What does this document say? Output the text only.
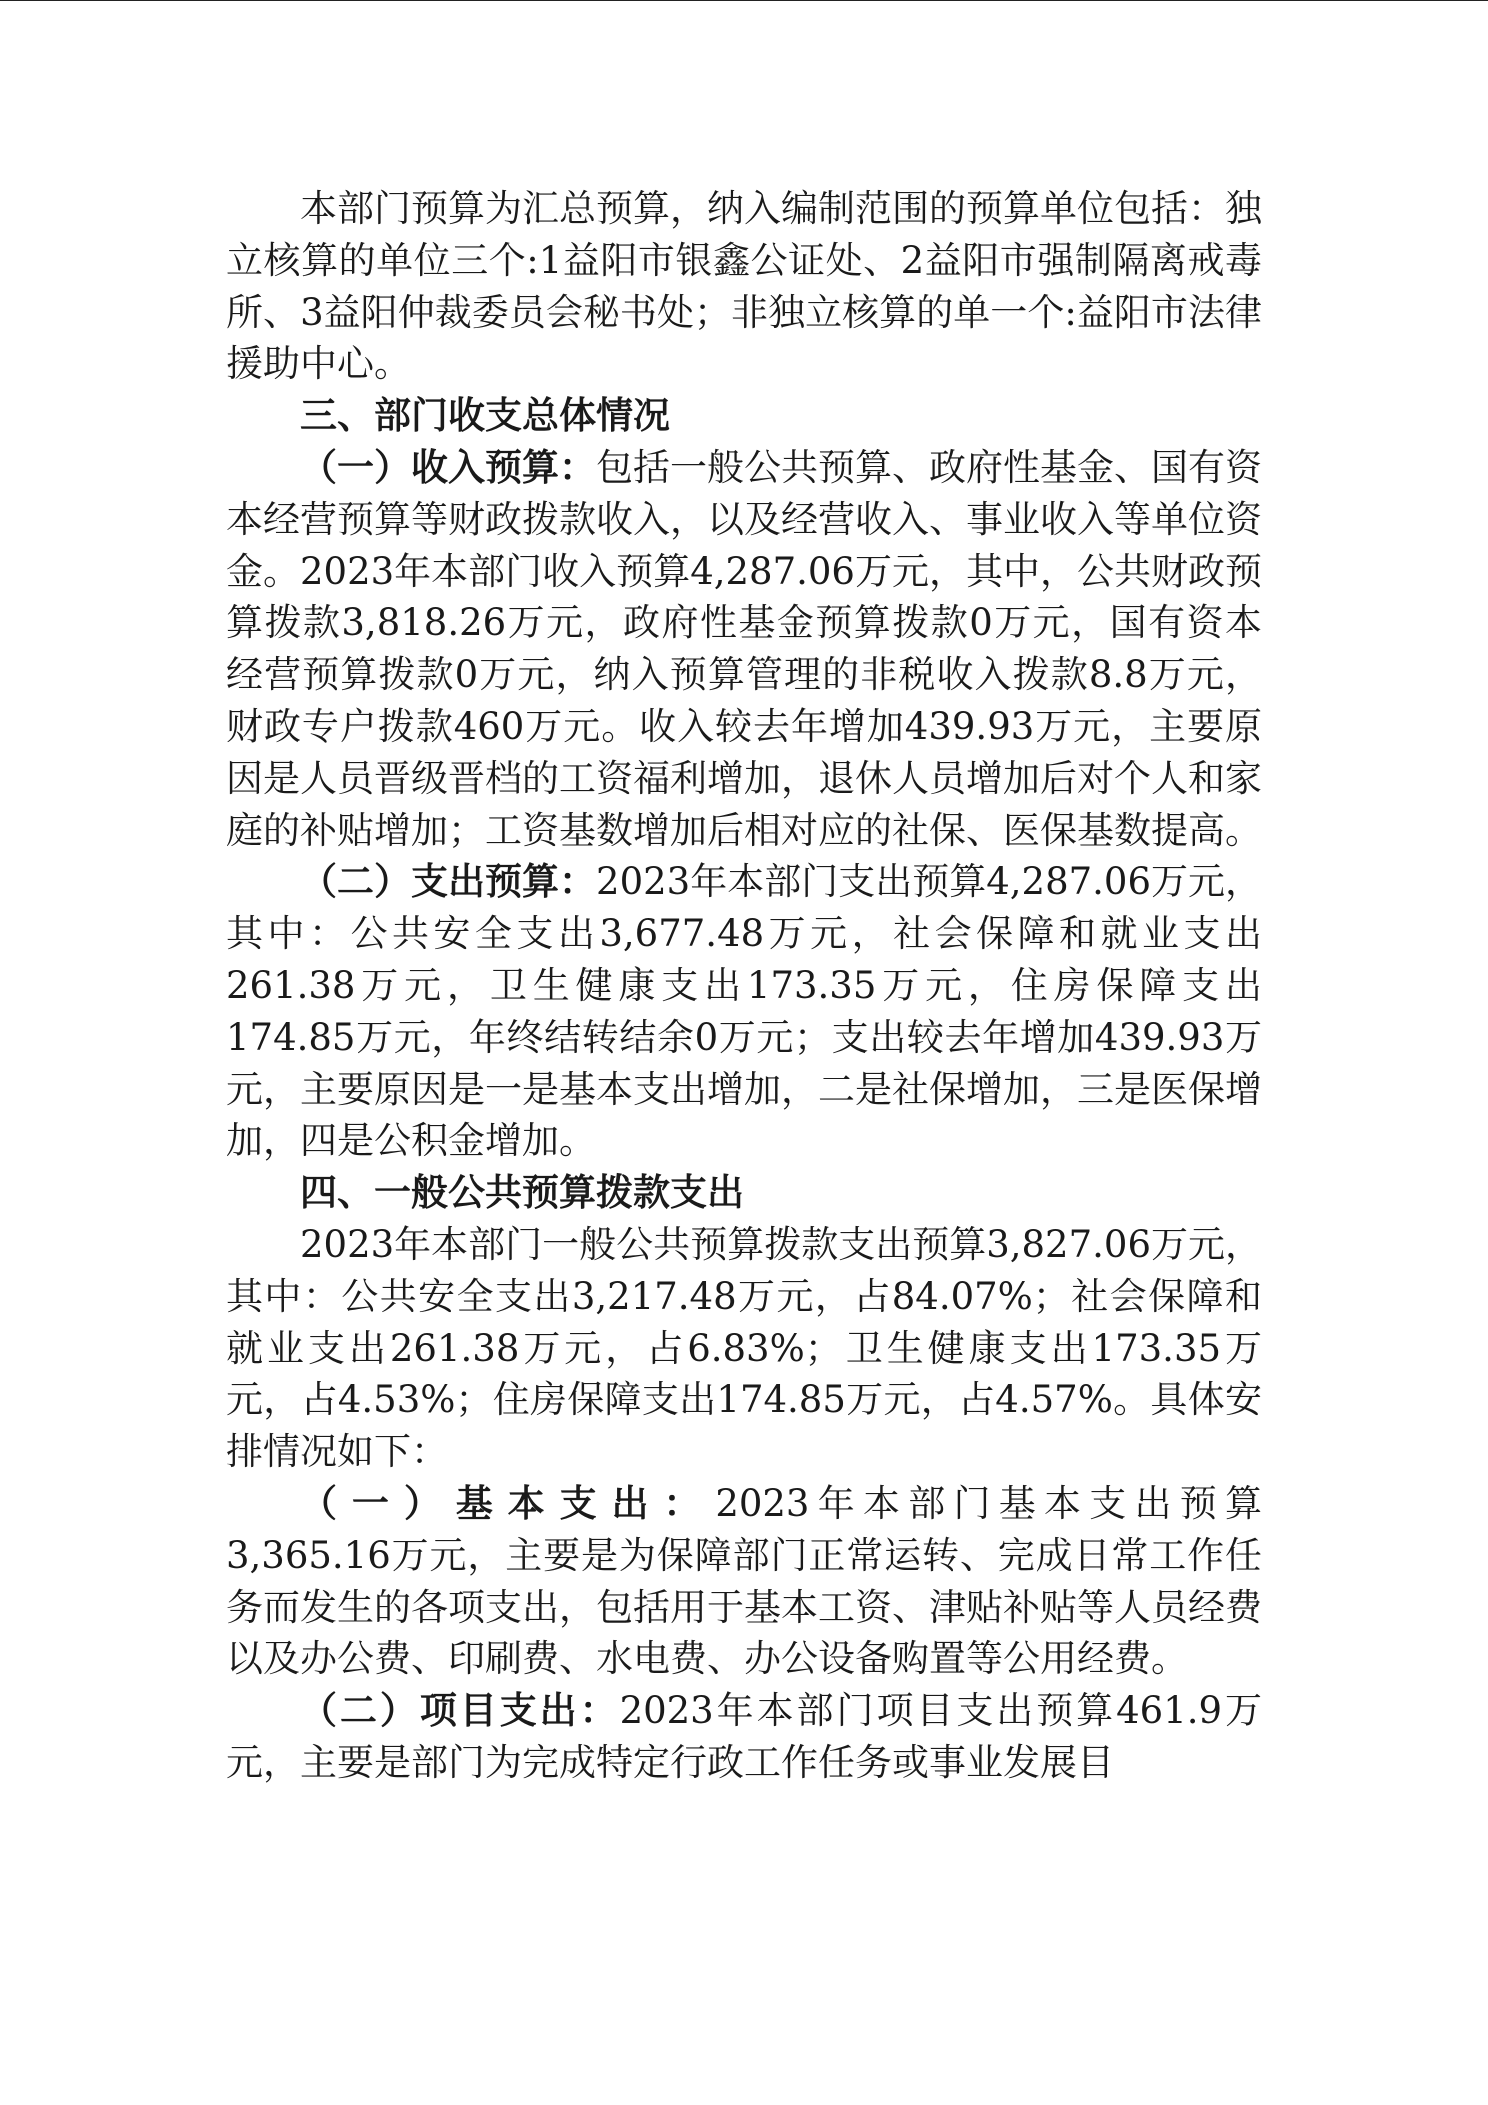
本部门预算为汇总预算，纳入编制范围的预算单位包括：独立核算的单位三个:1益阳市银鑫公证处、2益阳市强制隔离戒毒所、3益阳仲裁委员会秘书处；非独立核算的单一个:益阳市法律援助中心。

三、部门收支总体情况

（一）收入预算：包括一般公共预算、政府性基金、国有资本经营预算等财政拨款收入，以及经营收入、事业收入等单位资金。2023年本部门收入预算4,287.06万元，其中，公共财政预算拨款3,818.26万元，政府性基金预算拨款0万元，国有资本经营预算拨款0万元，纳入预算管理的非税收入拨款8.8万元，财政专户拨款460万元。收入较去年增加439.93万元，主要原因是人员晋级晋档的工资福利增加，退休人员增加后对个人和家庭的补贴增加；工资基数增加后相对应的社保、医保基数提高。

（二）支出预算：2023年本部门支出预算4,287.06万元，其中：公共安全支出3,677.48万元，社会保障和就业支出261.38万元，卫生健康支出173.35万元，住房保障支出174.85万元，年终结转结余0万元；支出较去年增加439.93万元，主要原因是一是基本支出增加，二是社保增加，三是医保增加，四是公积金增加。

四、一般公共预算拨款支出

2023年本部门一般公共预算拨款支出预算3,827.06万元，其中：公共安全支出3,217.48万元，占84.07%；社会保障和就业支出261.38万元，占6.83%；卫生健康支出173.35万元，占4.53%；住房保障支出174.85万元，占4.57%。具体安排情况如下：

（一）基本支出：2023年本部门基本支出预算3,365.16万元，主要是为保障部门正常运转、完成日常工作任务而发生的各项支出，包括用于基本工资、津贴补贴等人员经费以及办公费、印刷费、水电费、办公设备购置等公用经费。

（二）项目支出：2023年本部门项目支出预算461.9万元，主要是部门为完成特定行政工作任务或事业发展目
